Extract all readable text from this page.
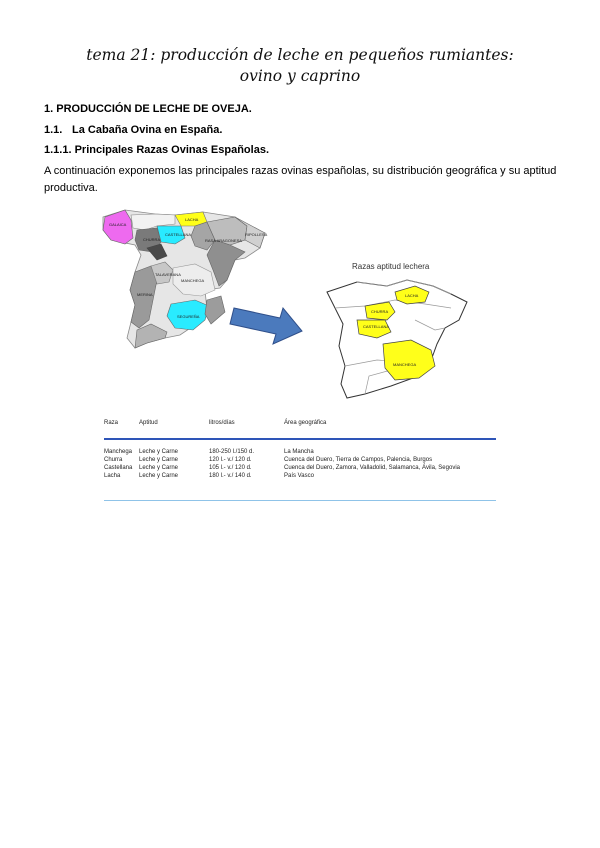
tema 21: producción de leche en pequeños rumiantes:
ovino y caprino
1. PRODUCCIÓN DE LECHE DE OVEJA.
1.1. La Cabaña Ovina en España.
1.1.1. Principales Razas Ovinas Españolas.
A continuación exponemos las principales razas ovinas españolas, su distribución geográfica y su aptitud productiva.
GALAICA
LACHA
CHURRA
CASTELLANA
RASA ARAGONESA
RIPOLLESA
MANCHEGA
MERINA
SEGUREÑA
TALAVERANA
LACHA
CHURRA
CASTELLANA
MANCHEGA
Razas aptitud lechera
Raza	Aptitud	litros/días	Área geográfica
Manchega	Leche y Carne	180-250 l./150 d.	La Mancha
Churra	Leche y Carne	120 l.- v./ 120 d.	Cuenca del Duero, Tierra de Campos, Palencia, Burgos
Castellana	Leche y Carne	105 l.- v./ 120 d.	Cuenca del Duero, Zamora, Valladolid, Salamanca, Ávila, Segovia
Lacha	Leche y Carne	180 l.- v./ 140 d.	País Vasco
